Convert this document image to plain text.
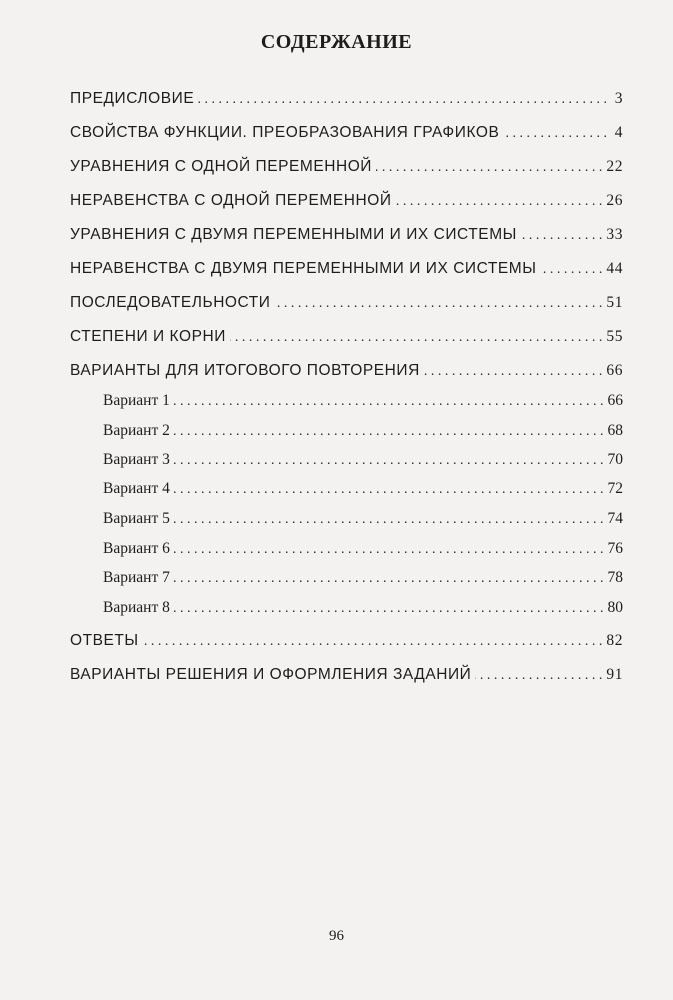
СОДЕРЖАНИЕ
ПРЕДИСЛОВИЕ . . .	3
СВОЙСТВА ФУНКЦИИ. ПРЕОБРАЗОВАНИЯ ГРАФИКОВ . . .	4
УРАВНЕНИЯ С ОДНОЙ ПЕРЕМЕННОЙ . . .	22
НЕРАВЕНСТВА С ОДНОЙ ПЕРЕМЕННОЙ . . .	26
УРАВНЕНИЯ С ДВУМЯ ПЕРЕМЕННЫМИ И ИХ СИСТЕМЫ . . .	33
НЕРАВЕНСТВА С ДВУМЯ ПЕРЕМЕННЫМИ И ИХ СИСТЕМЫ . . .	44
ПОСЛЕДОВАТЕЛЬНОСТИ . . .	51
СТЕПЕНИ И КОРНИ . . .	55
ВАРИАНТЫ ДЛЯ ИТОГОВОГО ПОВТОРЕНИЯ . . .	66
Вариант 1 . . .	66
Вариант 2 . . .	68
Вариант 3 . . .	70
Вариант 4 . . .	72
Вариант 5 . . .	74
Вариант 6 . . .	76
Вариант 7 . . .	78
Вариант 8 . . .	80
ОТВЕТЫ . . .	82
ВАРИАНТЫ РЕШЕНИЯ И ОФОРМЛЕНИЯ ЗАДАНИЙ . . .	91
96
